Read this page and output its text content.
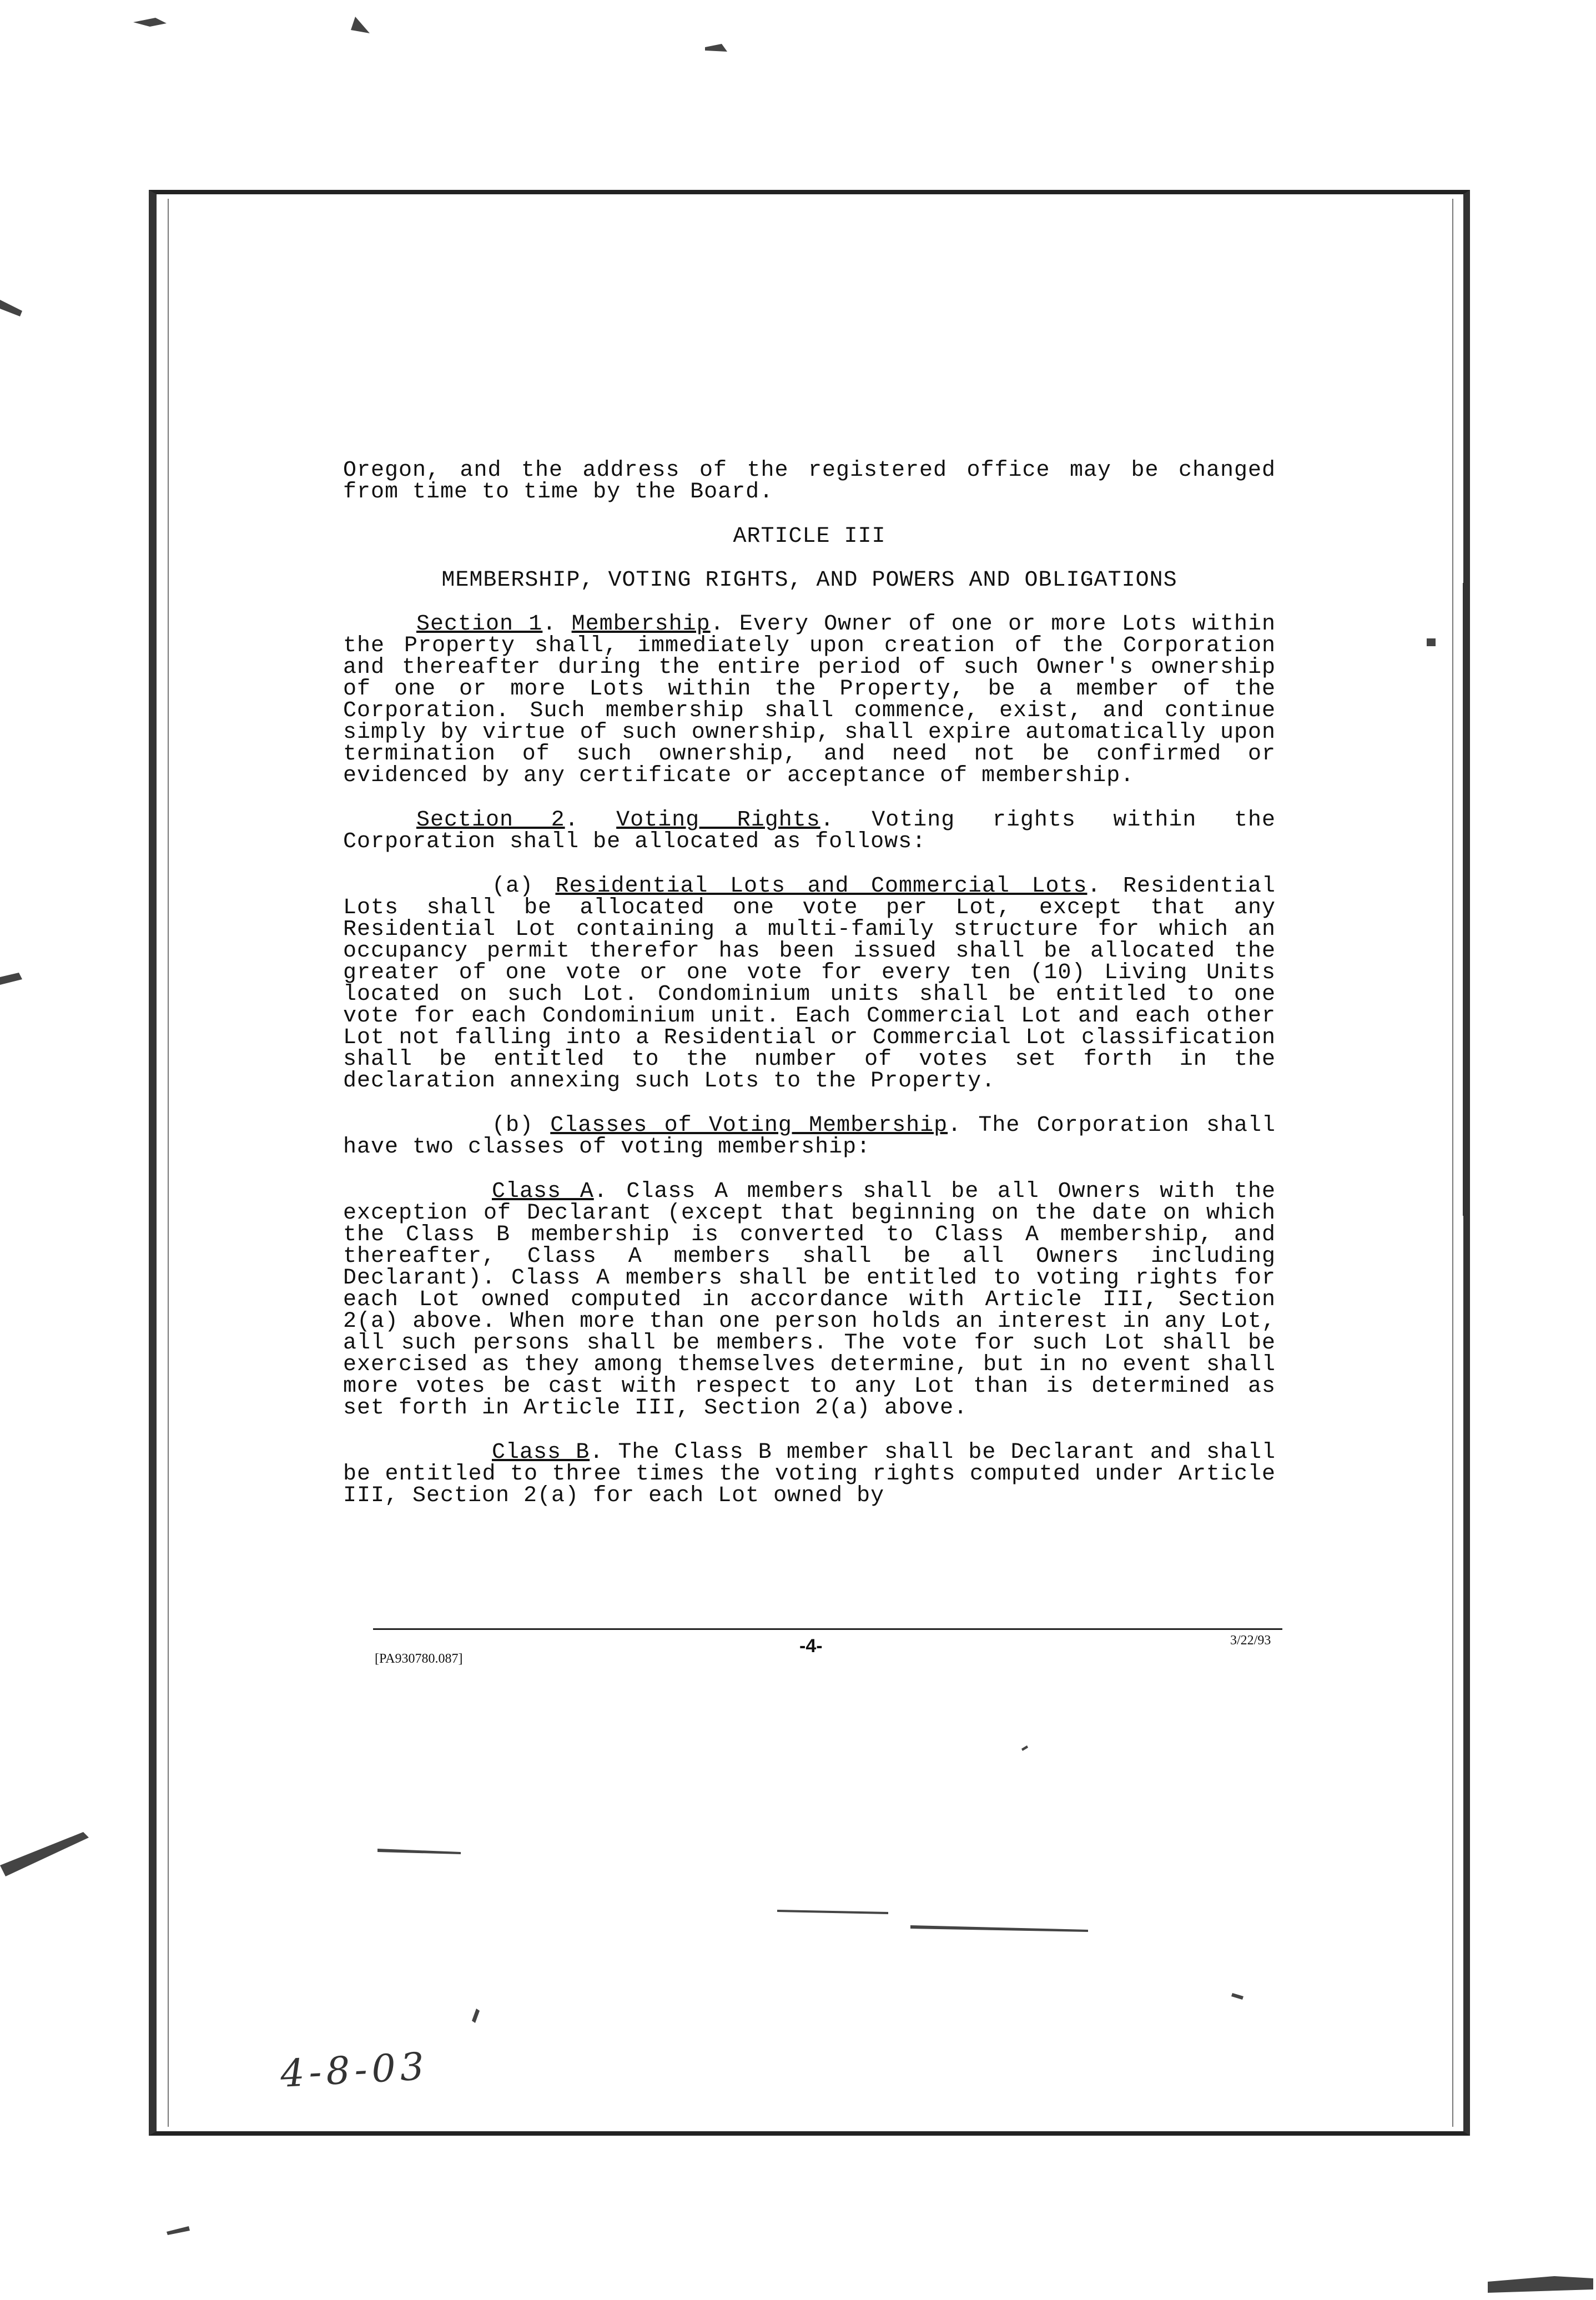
Oregon, and the address of the registered office may be changed from time to time by the Board.

ARTICLE III

MEMBERSHIP, VOTING RIGHTS, AND POWERS AND OBLIGATIONS

Section 1. Membership. Every Owner of one or more Lots within the Property shall, immediately upon creation of the Corporation and thereafter during the entire period of such Owner's ownership of one or more Lots within the Property, be a member of the Corporation. Such membership shall commence, exist, and continue simply by virtue of such ownership, shall expire automatically upon termination of such ownership, and need not be confirmed or evidenced by any certificate or acceptance of membership.

Section 2. Voting Rights. Voting rights within the Corporation shall be allocated as follows:

(a) Residential Lots and Commercial Lots. Residential Lots shall be allocated one vote per Lot, except that any Residential Lot containing a multi-family structure for which an occupancy permit therefor has been issued shall be allocated the greater of one vote or one vote for every ten (10) Living Units located on such Lot. Condominium units shall be entitled to one vote for each Condominium unit. Each Commercial Lot and each other Lot not falling into a Residential or Commercial Lot classification shall be entitled to the number of votes set forth in the declaration annexing such Lots to the Property.

(b) Classes of Voting Membership. The Corporation shall have two classes of voting membership:

Class A. Class A members shall be all Owners with the exception of Declarant (except that beginning on the date on which the Class B membership is converted to Class A membership, and thereafter, Class A members shall be all Owners including Declarant). Class A members shall be entitled to voting rights for each Lot owned computed in accordance with Article III, Section 2(a) above. When more than one person holds an interest in any Lot, all such persons shall be members. The vote for such Lot shall be exercised as they among themselves determine, but in no event shall more votes be cast with respect to any Lot than is determined as set forth in Article III, Section 2(a) above.

Class B. The Class B member shall be Declarant and shall be entitled to three times the voting rights computed under Article III, Section 2(a) for each Lot owned by

[PA930780.087]
-4-	3/22/93
4-8-03
